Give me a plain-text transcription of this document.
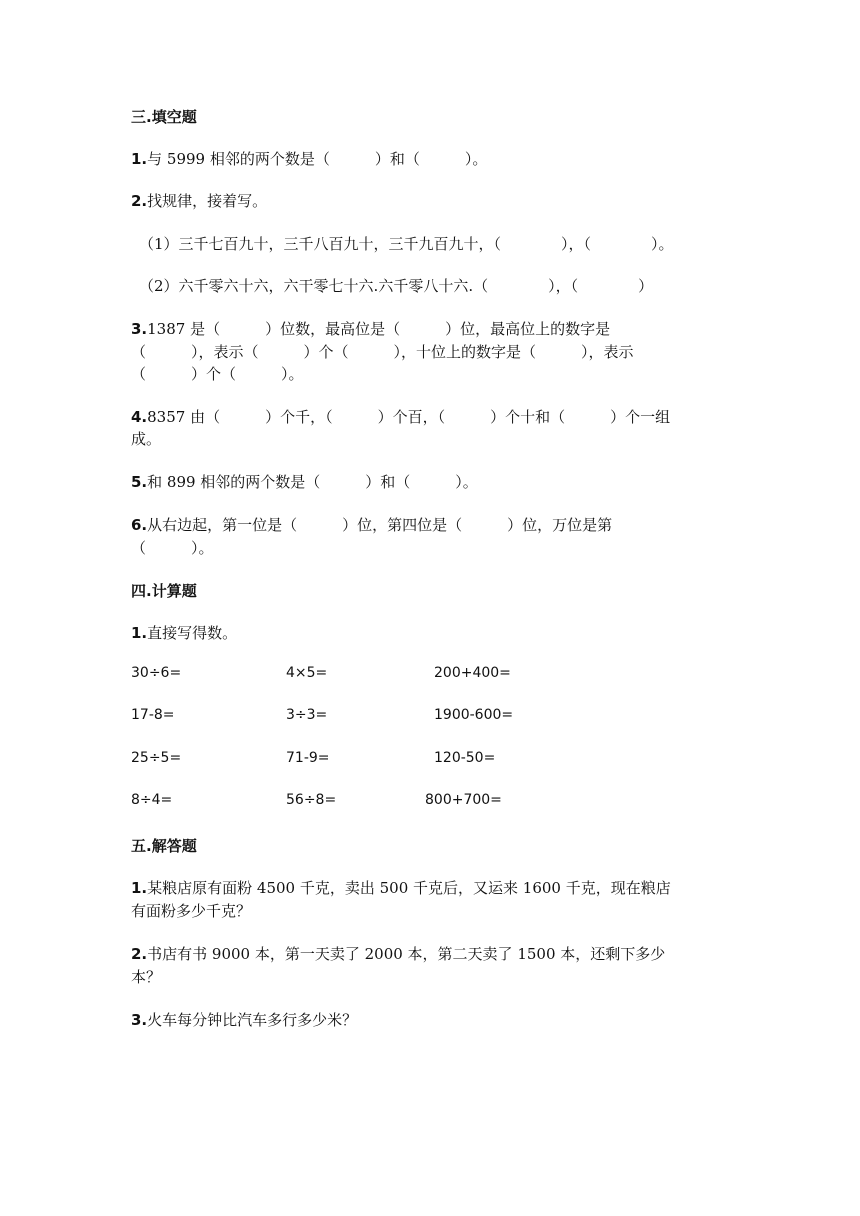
三.填空题
1.与 5999 相邻的两个数是（　　　）和（　　　）。
2.找规律，接着写。
（1）三千七百九十，三千八百九十，三千九百九十，（　　　　），（　　　　）。
（2）六千零六十六，六干零七十六.六千零八十六.（　　　　），（　　　　）
3.1387 是（　　　）位数，最高位是（　　　）位，最高位上的数字是
（　　　），表示（　　　）个（　　　），十位上的数字是（　　　），表示
（　　　）个（　　　）。
4.8357 由（　　　）个千，（　　　）个百，（　　　）个十和（　　　）个一组
成。
5.和 899 相邻的两个数是（　　　）和（　　　）。
6.从右边起，第一位是（　　　）位，第四位是（　　　）位，万位是第
（　　　）。
四.计算题
1.直接写得数。
30÷6=	4×5=	200+400=
17-8=	3÷3=	1900-600=
25÷5=	71-9=	120-50=
8÷4=	56÷8=	800+700=
五.解答题
1.某粮店原有面粉 4500 千克，卖出 500 千克后，又运来 1600 千克，现在粮店
有面粉多少千克？
2.书店有书 9000 本，第一天卖了 2000 本，第二天卖了 1500 本，还剩下多少
本？
3.火车每分钟比汽车多行多少米？
